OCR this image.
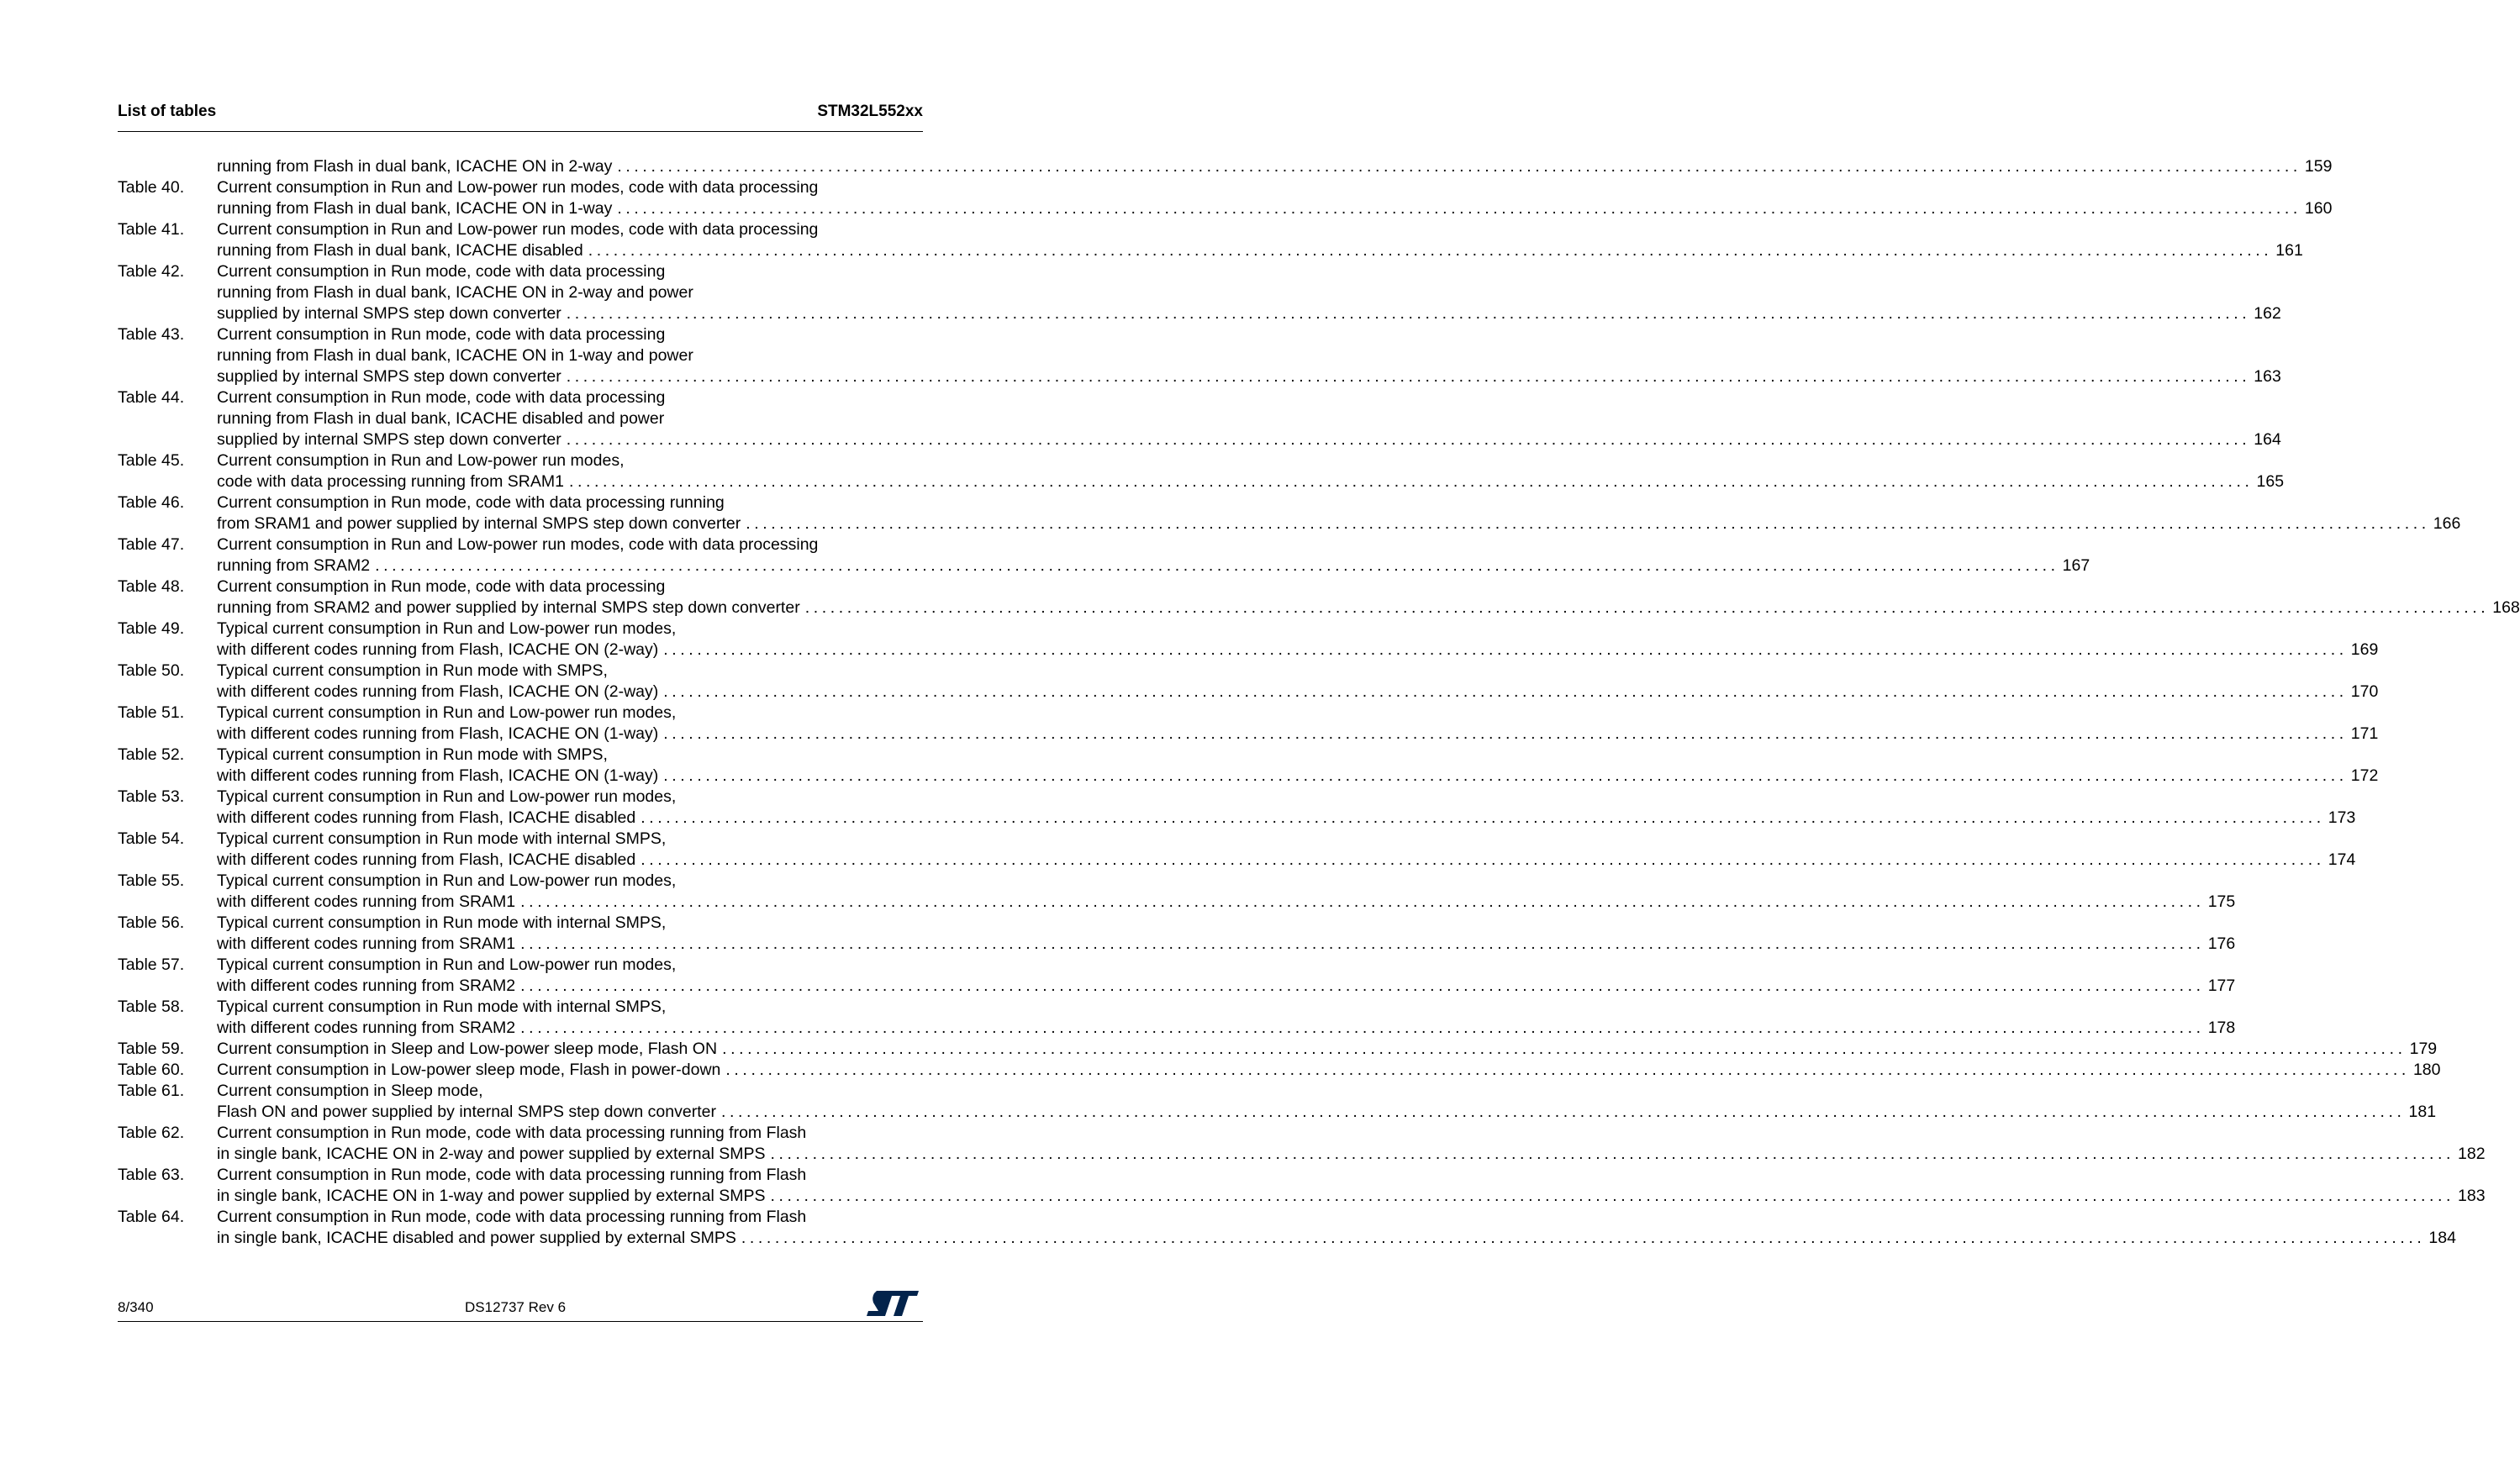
List of tables	STM32L552xx
running from Flash in dual bank, ICACHE ON in 2-way ........................................................................................................................................................................................................ 159
Table 40.	Current consumption in Run and Low-power run modes, code with data processing
running from Flash in dual bank, ICACHE ON in 1-way ........................................................................................................................................................................................................ 160
Table 41.	Current consumption in Run and Low-power run modes, code with data processing
running from Flash in dual bank, ICACHE disabled ........................................................................................................................................................................................................ 161
Table 42.	Current consumption in Run mode, code with data processing
running from Flash in dual bank, ICACHE ON in 2-way and power
supplied by internal SMPS step down converter ........................................................................................................................................................................................................ 162
Table 43.	Current consumption in Run mode, code with data processing
running from Flash in dual bank, ICACHE ON in 1-way and power
supplied by internal SMPS step down converter ........................................................................................................................................................................................................ 163
Table 44.	Current consumption in Run mode, code with data processing
running from Flash in dual bank, ICACHE disabled and power
supplied by internal SMPS step down converter ........................................................................................................................................................................................................ 164
Table 45.	Current consumption in Run and Low-power run modes,
code with data processing running from SRAM1 ........................................................................................................................................................................................................ 165
Table 46.	Current consumption in Run mode, code with data processing running
from SRAM1 and power supplied by internal SMPS step down converter ........................................................................................................................................................................................................ 166
Table 47.	Current consumption in Run and Low-power run modes, code with data processing
running from SRAM2 ........................................................................................................................................................................................................ 167
Table 48.	Current consumption in Run mode, code with data processing
running from SRAM2 and power supplied by internal SMPS step down converter ........................................................................................................................................................................................................ 168
Table 49.	Typical current consumption in Run and Low-power run modes,
with different codes running from Flash, ICACHE ON (2-way) ........................................................................................................................................................................................................ 169
Table 50.	Typical current consumption in Run mode with SMPS,
with different codes running from Flash, ICACHE ON (2-way) ........................................................................................................................................................................................................ 170
Table 51.	Typical current consumption in Run and Low-power run modes,
with different codes running from Flash, ICACHE ON (1-way) ........................................................................................................................................................................................................ 171
Table 52.	Typical current consumption in Run mode with SMPS,
with different codes running from Flash, ICACHE ON (1-way) ........................................................................................................................................................................................................ 172
Table 53.	Typical current consumption in Run and Low-power run modes,
with different codes running from Flash, ICACHE disabled ........................................................................................................................................................................................................ 173
Table 54.	Typical current consumption in Run mode with internal SMPS,
with different codes running from Flash, ICACHE disabled ........................................................................................................................................................................................................ 174
Table 55.	Typical current consumption in Run and Low-power run modes,
with different codes running from SRAM1 ........................................................................................................................................................................................................ 175
Table 56.	Typical current consumption in Run mode with internal SMPS,
with different codes running from SRAM1 ........................................................................................................................................................................................................ 176
Table 57.	Typical current consumption in Run and Low-power run modes,
with different codes running from SRAM2 ........................................................................................................................................................................................................ 177
Table 58.	Typical current consumption in Run mode with internal SMPS,
with different codes running from SRAM2 ........................................................................................................................................................................................................ 178
Table 59.	Current consumption in Sleep and Low-power sleep mode, Flash ON ........................................................................................................................................................................................................ 179
Table 60.	Current consumption in Low-power sleep mode, Flash in power-down ........................................................................................................................................................................................................ 180
Table 61.	Current consumption in Sleep mode,
Flash ON and power supplied by internal SMPS step down converter ........................................................................................................................................................................................................ 181
Table 62.	Current consumption in Run mode, code with data processing running from Flash
in single bank, ICACHE ON in 2-way and power supplied by external SMPS ........................................................................................................................................................................................................ 182
Table 63.	Current consumption in Run mode, code with data processing running from Flash
in single bank, ICACHE ON in 1-way and power supplied by external SMPS ........................................................................................................................................................................................................ 183
Table 64.	Current consumption in Run mode, code with data processing running from Flash
in single bank, ICACHE disabled and power supplied by external SMPS ........................................................................................................................................................................................................ 184
8/340	DS12737 Rev 6
